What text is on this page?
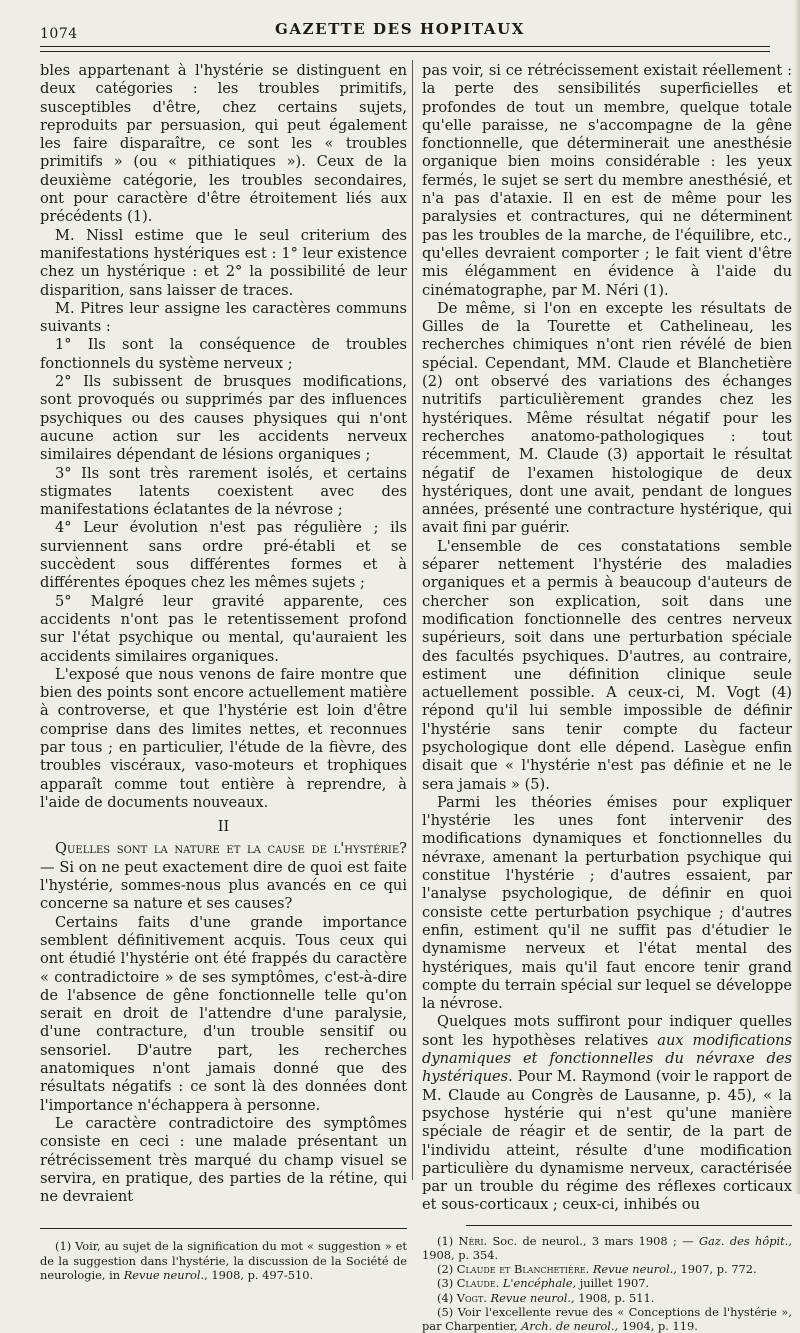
1074	GAZETTE DES HOPITAUX

bles appartenant à l'hystérie se distinguent en deux catégories : les troubles primitifs, susceptibles d'être, chez certains sujets, reproduits par persuasion, qui peut également les faire disparaître, ce sont les « troubles primitifs » (ou « pithiatiques »). Ceux de la deuxième catégorie, les troubles secondaires, ont pour caractère d'être étroitement liés aux précédents (1).

M. Nissl estime que le seul criterium des manifestations hystériques est : 1° leur existence chez un hystérique : et 2° la possibilité de leur disparition, sans laisser de traces.

M. Pitres leur assigne les caractères communs suivants :

1° Ils sont la conséquence de troubles fonctionnels du système nerveux ;

2° Ils subissent de brusques modifications, sont provoqués ou supprimés par des influences psychiques ou des causes physiques qui n'ont aucune action sur les accidents nerveux similaires dépendant de lésions organiques ;

3° Ils sont très rarement isolés, et certains stigmates latents coexistent avec des manifestations éclatantes de la névrose ;

4° Leur évolution n'est pas régulière ; ils surviennent sans ordre pré-établi et se succèdent sous différentes formes et à différentes époques chez les mêmes sujets ;

5° Malgré leur gravité apparente, ces accidents n'ont pas le retentissement profond sur l'état psychique ou mental, qu'auraient les accidents similaires organiques.

L'exposé que nous venons de faire montre que bien des points sont encore actuellement matière à controverse, et que l'hystérie est loin d'être comprise dans des limites nettes, et reconnues par tous ; en particulier, l'étude de la fièvre, des troubles viscéraux, vaso-moteurs et trophiques apparaît comme tout entière à reprendre, à l'aide de documents nouveaux.

II

Quelles sont la nature et la cause de l'hystérie? — Si on ne peut exactement dire de quoi est faite l'hystérie, sommes-nous plus avancés en ce qui concerne sa nature et ses causes?

Certains faits d'une grande importance semblent définitivement acquis. Tous ceux qui ont étudié l'hystérie ont été frappés du caractère « contradictoire » de ses symptômes, c'est-à-dire de l'absence de gêne fonctionnelle telle qu'on serait en droit de l'attendre d'une paralysie, d'une contracture, d'un trouble sensitif ou sensoriel. D'autre part, les recherches anatomiques n'ont jamais donné que des résultats négatifs : ce sont là des données dont l'importance n'échappera à personne.

Le caractère contradictoire des symptômes consiste en ceci : une malade présentant un rétrécissement très marqué du champ visuel se servira, en pratique, des parties de la rétine, qui ne devraient

(1) Voir, au sujet de la signification du mot « suggestion » et de la suggestion dans l'hystérie, la discussion de la Société de neurologie, in Revue neurol., 1908, p. 497-510.

pas voir, si ce rétrécissement existait réellement : la perte des sensibilités superficielles et profondes de tout un membre, quelque totale qu'elle paraisse, ne s'accompagne de la gêne fonctionnelle, que déterminerait une anesthésie organique bien moins considérable : les yeux fermés, le sujet se sert du membre anesthésié, et n'a pas d'ataxie. Il en est de même pour les paralysies et contractures, qui ne déterminent pas les troubles de la marche, de l'équilibre, etc., qu'elles devraient comporter ; le fait vient d'être mis élégamment en évidence à l'aide du cinématographe, par M. Néri (1).

De même, si l'on en excepte les résultats de Gilles de la Tourette et Cathelineau, les recherches chimiques n'ont rien révélé de bien spécial. Cependant, MM. Claude et Blanchetière (2) ont observé des variations des échanges nutritifs particulièrement grandes chez les hystériques. Même résultat négatif pour les recherches anatomo-pathologiques : tout récemment, M. Claude (3) apportait le résultat négatif de l'examen histologique de deux hystériques, dont une avait, pendant de longues années, présenté une contracture hystérique, qui avait fini par guérir.

L'ensemble de ces constatations semble séparer nettement l'hystérie des maladies organiques et a permis à beaucoup d'auteurs de chercher son explication, soit dans une modification fonctionnelle des centres nerveux supérieurs, soit dans une perturbation spéciale des facultés psychiques. D'autres, au contraire, estiment une définition clinique seule actuellement possible. A ceux-ci, M. Vogt (4) répond qu'il lui semble impossible de définir l'hystérie sans tenir compte du facteur psychologique dont elle dépend. Lasègue enfin disait que « l'hystérie n'est pas définie et ne le sera jamais » (5).

Parmi les théories émises pour expliquer l'hystérie les unes font intervenir des modifications dynamiques et fonctionnelles du névraxe, amenant la perturbation psychique qui constitue l'hystérie ; d'autres essaient, par l'analyse psychologique, de définir en quoi consiste cette perturbation psychique ; d'autres enfin, estiment qu'il ne suffit pas d'étudier le dynamisme nerveux et l'état mental des hystériques, mais qu'il faut encore tenir grand compte du terrain spécial sur lequel se développe la névrose.

Quelques mots suffiront pour indiquer quelles sont les hypothèses relatives aux modifications dynamiques et fonctionnelles du névraxe des hystériques. Pour M. Raymond (voir le rapport de M. Claude au Congrès de Lausanne, p. 45), « la psychose hystérie qui n'est qu'une manière spéciale de réagir et de sentir, de la part de l'individu atteint, résulte d'une modification particulière du dynamisme nerveux, caractérisée par un trouble du régime des réflexes corticaux et sous-corticaux ; ceux-ci, inhibés ou

(1) Néri. Soc. de neurol., 3 mars 1908 ; — Gaz. des hôpit., 1908, p. 354.

(2) Claude et Blanchetière. Revue neurol., 1907, p. 772.

(3) Claude. L'encéphale, juillet 1907.

(4) Vogt. Revue neurol., 1908, p. 511.

(5) Voir l'excellente revue des « Conceptions de l'hystérie », par Charpentier, Arch. de neurol., 1904, p. 119.
